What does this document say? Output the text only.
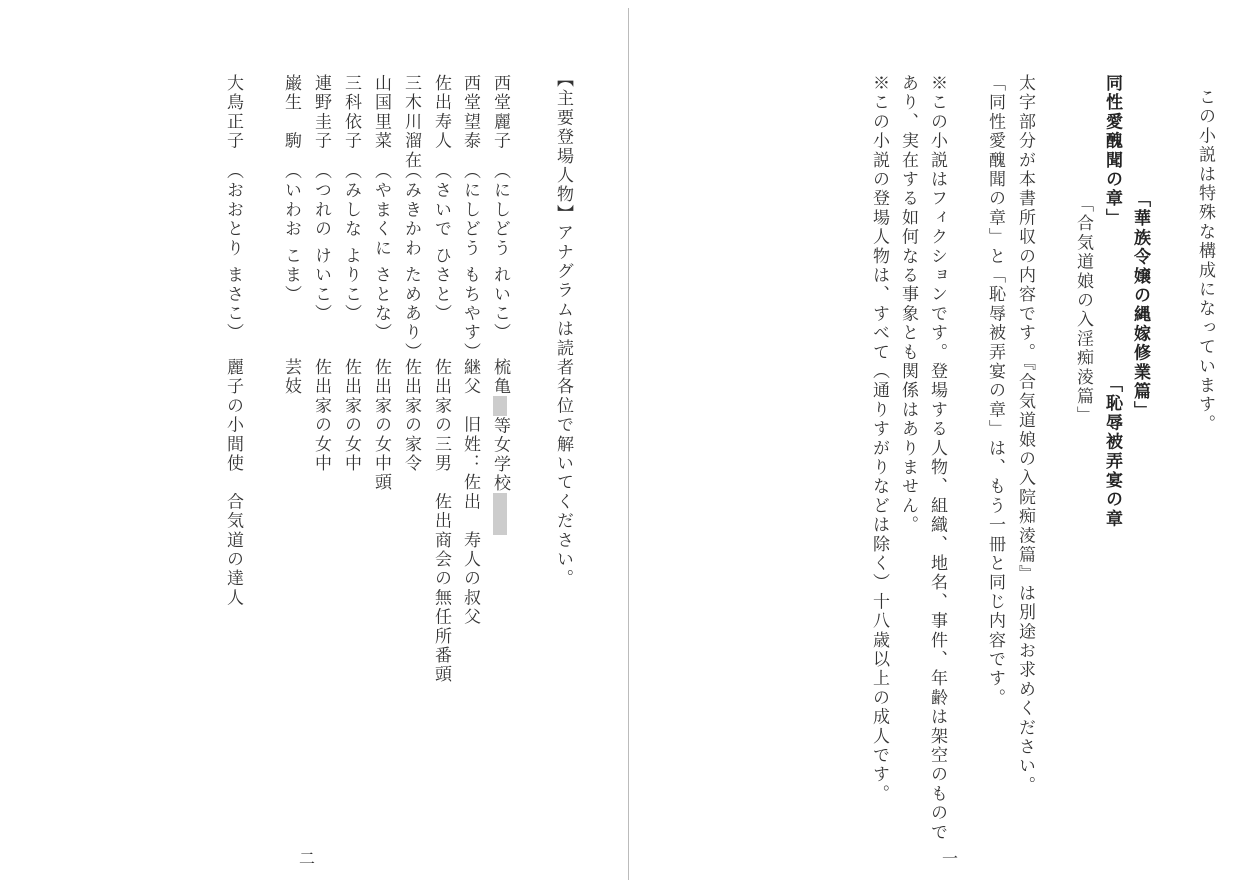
この小説は特殊な構成になっています。
「華族令嬢の縄嫁修業篇」
同性愛醜聞の章」
「恥辱被弄宴の章
「合気道娘の入淫痴淩篇」
太字部分が本書所収の内容です。『合気道娘の入院痴淩篇』は別途お求めください。
「同性愛醜聞の章」と「恥辱被弄宴の章」は、もう一冊と同じ内容です。
※この小説はフィクションです。登場する人物、組織、地名、事件、年齢は架空のもので
あり、実在する如何なる事象とも関係はありません。
※この小説の登場人物は、すべて（通りすがりなどは除く）十八歳以上の成人です。
一
【主要登場人物】アナグラムは読者各位で解いてください。
西堂麗子
（にしどう れいこ）
梳亀等女学校
西堂望泰
（にしどう もちやす）
継父　旧姓：佐出　寿人の叔父
佐出寿人
（さいで ひさと）
佐出家の三男　佐出商会の無任所番頭
三木川溜在
（みきかわ ためあり）
佐出家の家令
山国里菜
（やまくに さとな）
佐出家の女中頭
三科依子
（みしな よりこ）
佐出家の女中
連野圭子
（つれの けいこ）
佐出家の女中
巌生　駒
（いわお こま）
芸妓
大鳥正子
（おおとり まさこ）
麗子の小間使　合気道の達人
二
